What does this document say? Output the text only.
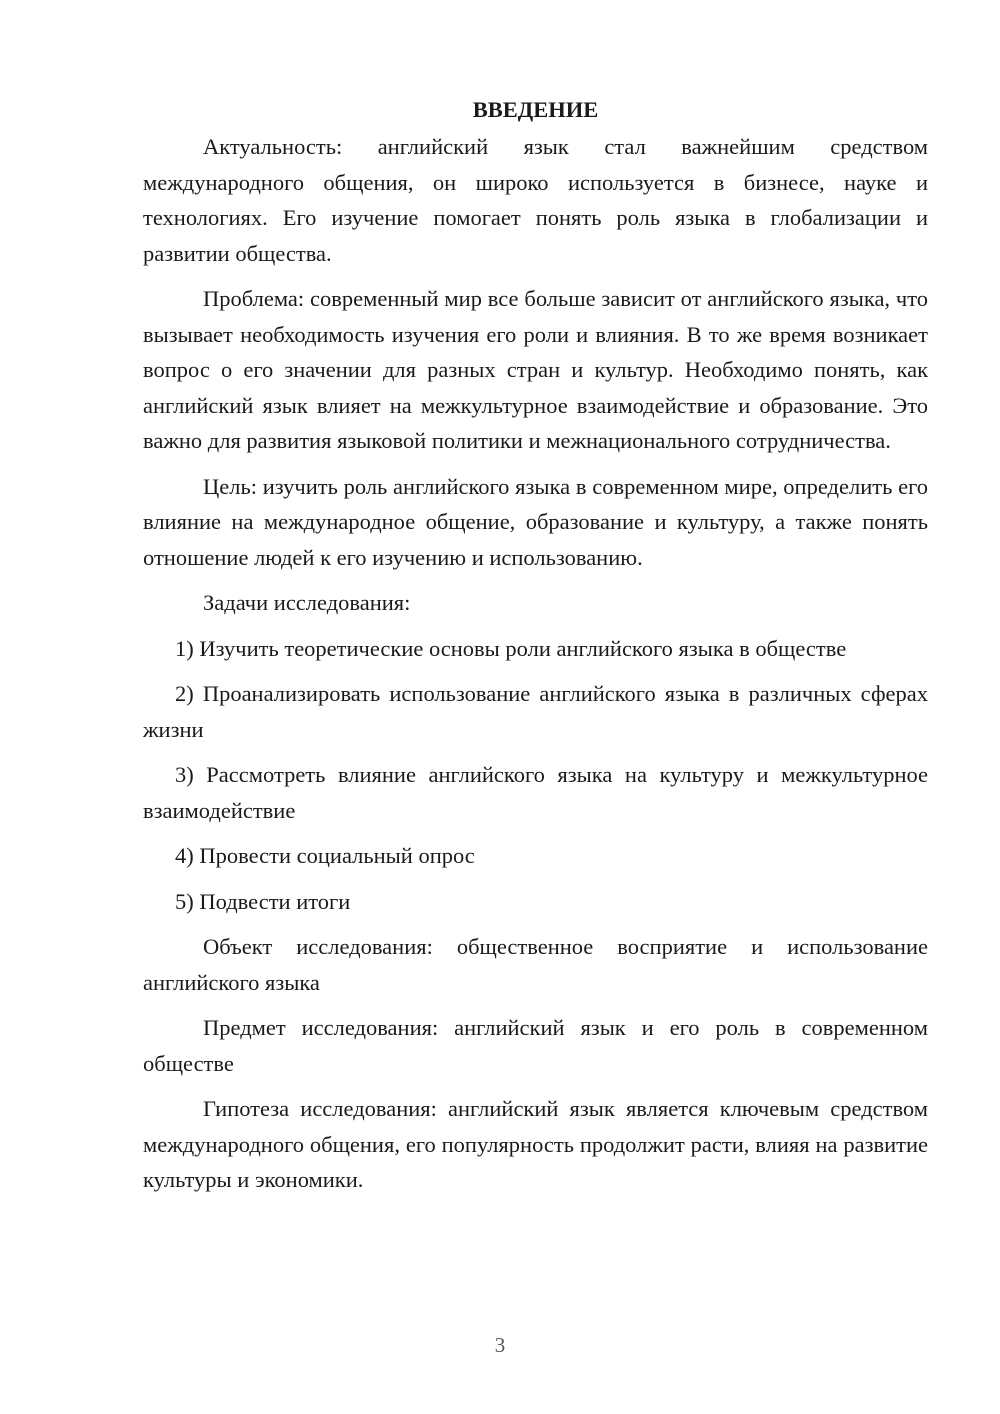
ВВЕДЕНИЕ

Актуальность: английский язык стал важнейшим средством международного общения, он широко используется в бизнесе, науке и технологиях. Его изучение помогает понять роль языка в глобализации и развитии общества.

Проблема: современный мир все больше зависит от английского языка, что вызывает необходимость изучения его роли и влияния. В то же время возникает вопрос о его значении для разных стран и культур. Необходимо понять, как английский язык влияет на межкультурное взаимодействие и образование. Это важно для развития языковой политики и межнационального сотрудничества.

Цель: изучить роль английского языка в современном мире, определить его влияние на международное общение, образование и культуру, а также понять отношение людей к его изучению и использованию.

Задачи исследования:

1) Изучить теоретические основы роли английского языка в обществе

2) Проанализировать использование английского языка в различных сферах жизни

3) Рассмотреть влияние английского языка на культуру и межкультурное взаимодействие

4) Провести социальный опрос

5) Подвести итоги

Объект исследования: общественное восприятие и использование английского языка

Предмет исследования: английский язык и его роль в современном обществе

Гипотеза исследования: английский язык является ключевым средством международного общения, его популярность продолжит расти, влияя на развитие культуры и экономики.

3
